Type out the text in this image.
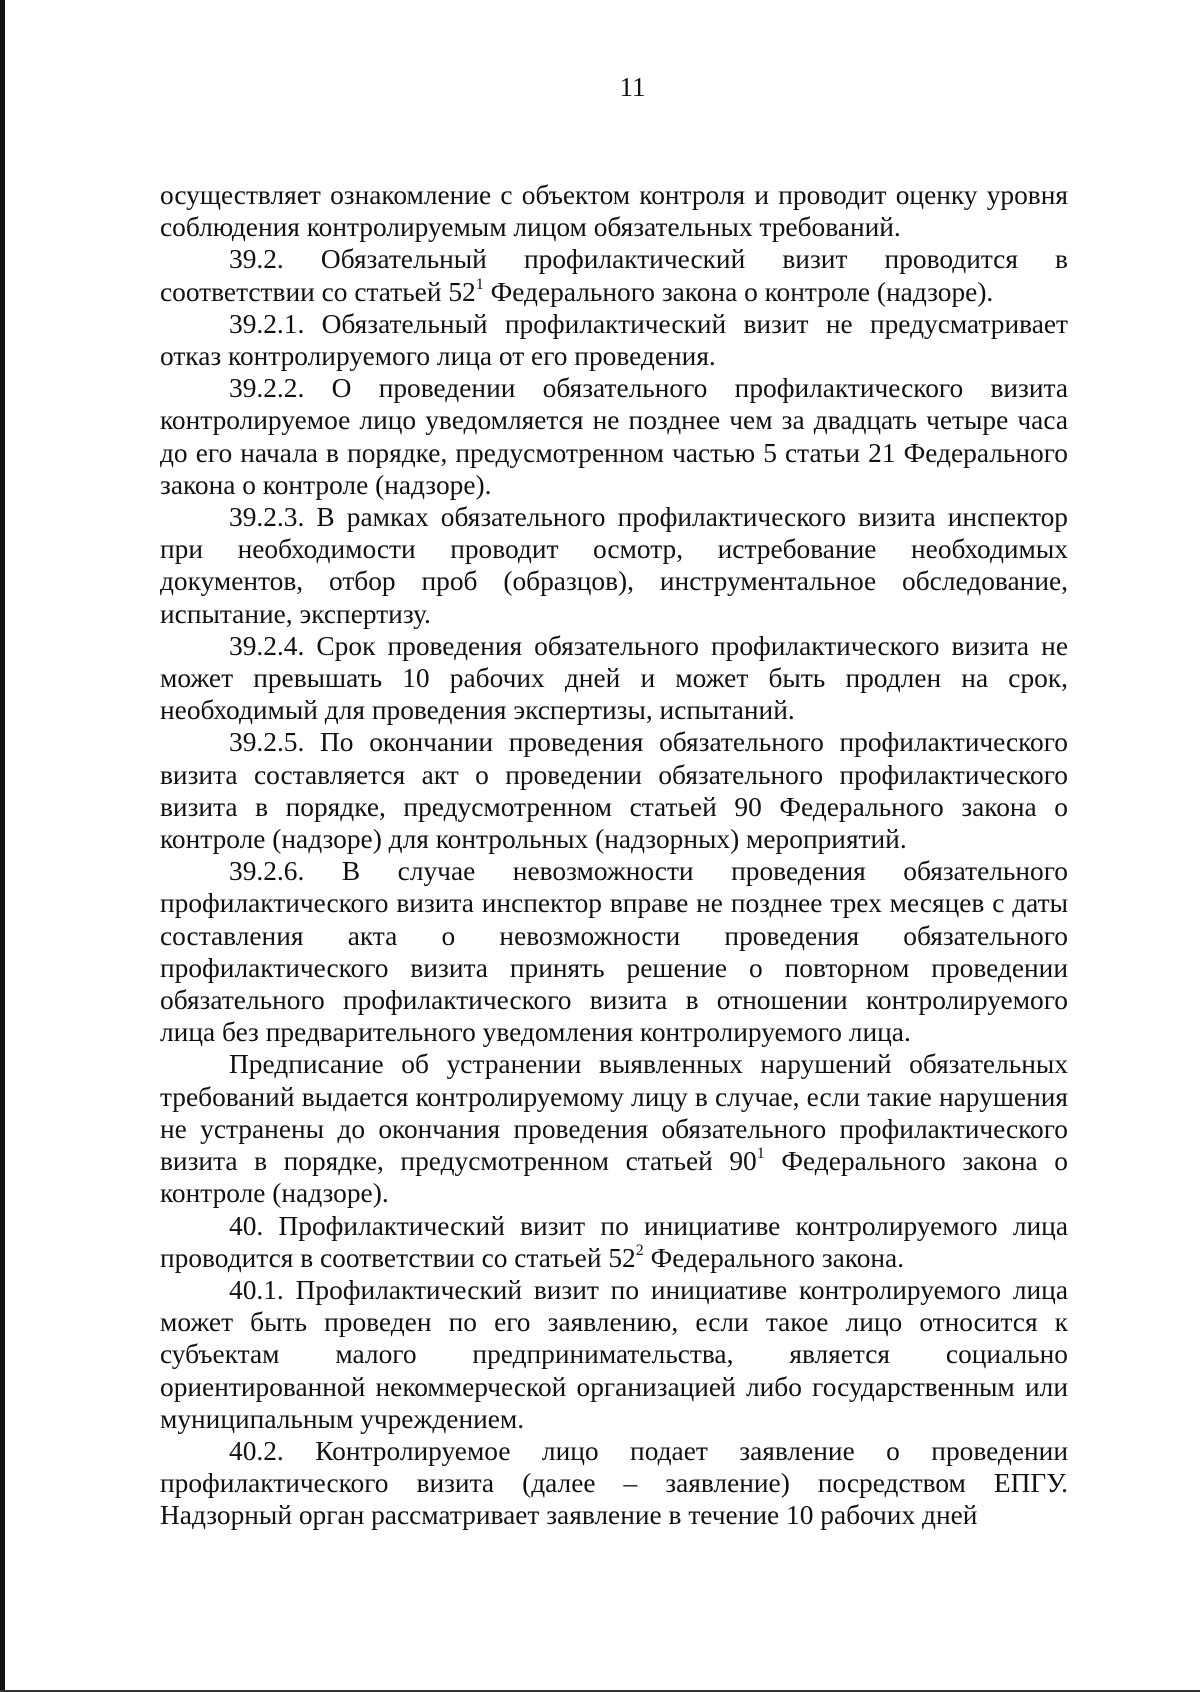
11

осуществляет ознакомление с объектом контроля и проводит оценку уровня соблюдения контролируемым лицом обязательных требований.

39.2. Обязательный профилактический визит проводится в соответствии со статьей $52^1$ Федерального закона о контроле (надзоре).

39.2.1. Обязательный профилактический визит не предусматривает отказ контролируемого лица от его проведения.

39.2.2. О проведении обязательного профилактического визита контролируемое лицо уведомляется не позднее чем за двадцать четыре часа до его начала в порядке, предусмотренном частью 5 статьи 21 Федерального закона о контроле (надзоре).

39.2.3. В рамках обязательного профилактического визита инспектор при необходимости проводит осмотр, истребование необходимых документов, отбор проб (образцов), инструментальное обследование, испытание, экспертизу.

39.2.4. Срок проведения обязательного профилактического визита не может превышать 10 рабочих дней и может быть продлен на срок, необходимый для проведения экспертизы, испытаний.

39.2.5. По окончании проведения обязательного профилактического визита составляется акт о проведении обязательного профилактического визита в порядке, предусмотренном статьей 90 Федерального закона о контроле (надзоре) для контрольных (надзорных) мероприятий.

39.2.6. В случае невозможности проведения обязательного профилактического визита инспектор вправе не позднее трех месяцев с даты составления акта о невозможности проведения обязательного профилактического визита принять решение о повторном проведении обязательного профилактического визита в отношении контролируемого лица без предварительного уведомления контролируемого лица.

Предписание об устранении выявленных нарушений обязательных требований выдается контролируемому лицу в случае, если такие нарушения не устранены до окончания проведения обязательного профилактического визита в порядке, предусмотренном статьей $90^1$ Федерального закона о контроле (надзоре).

40. Профилактический визит по инициативе контролируемого лица проводится в соответствии со статьей $52^2$ Федерального закона.

40.1. Профилактический визит по инициативе контролируемого лица может быть проведен по его заявлению, если такое лицо относится к субъектам малого предпринимательства, является социально ориентированной некоммерческой организацией либо государственным или муниципальным учреждением.

40.2. Контролируемое лицо подает заявление о проведении профилактического визита (далее – заявление) посредством ЕПГУ. Надзорный орган рассматривает заявление в течение 10 рабочих дней
